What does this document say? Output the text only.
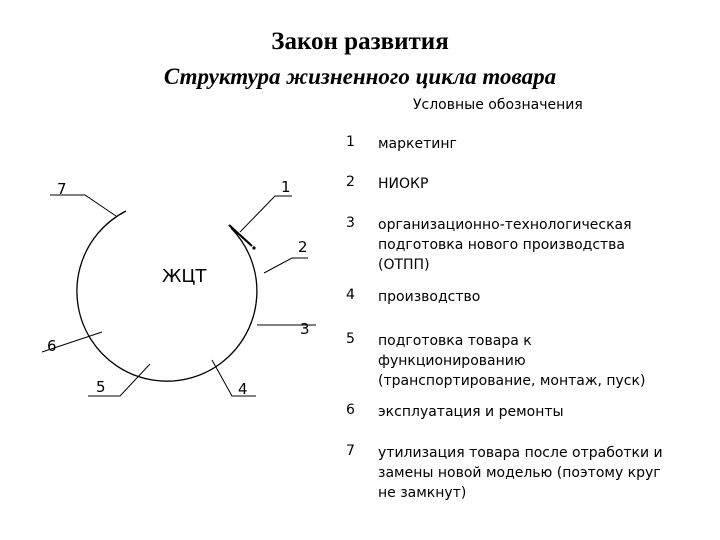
Закон развития
Структура жизненного цикла товара
Условные обозначения
1 маркетинг
2 НИОКР
3 организационно-технологическая
подготовка нового производства
(ОТПП)
4 производство
5 подготовка товара к
функционированию
(транспортирование, монтаж, пуск)
6 эксплуатация и ремонты
7 утилизация товара после отработки и
замены новой моделью (поэтому круг
не замкнут)
ЖЦТ
1
2
3
4
5
6
7
